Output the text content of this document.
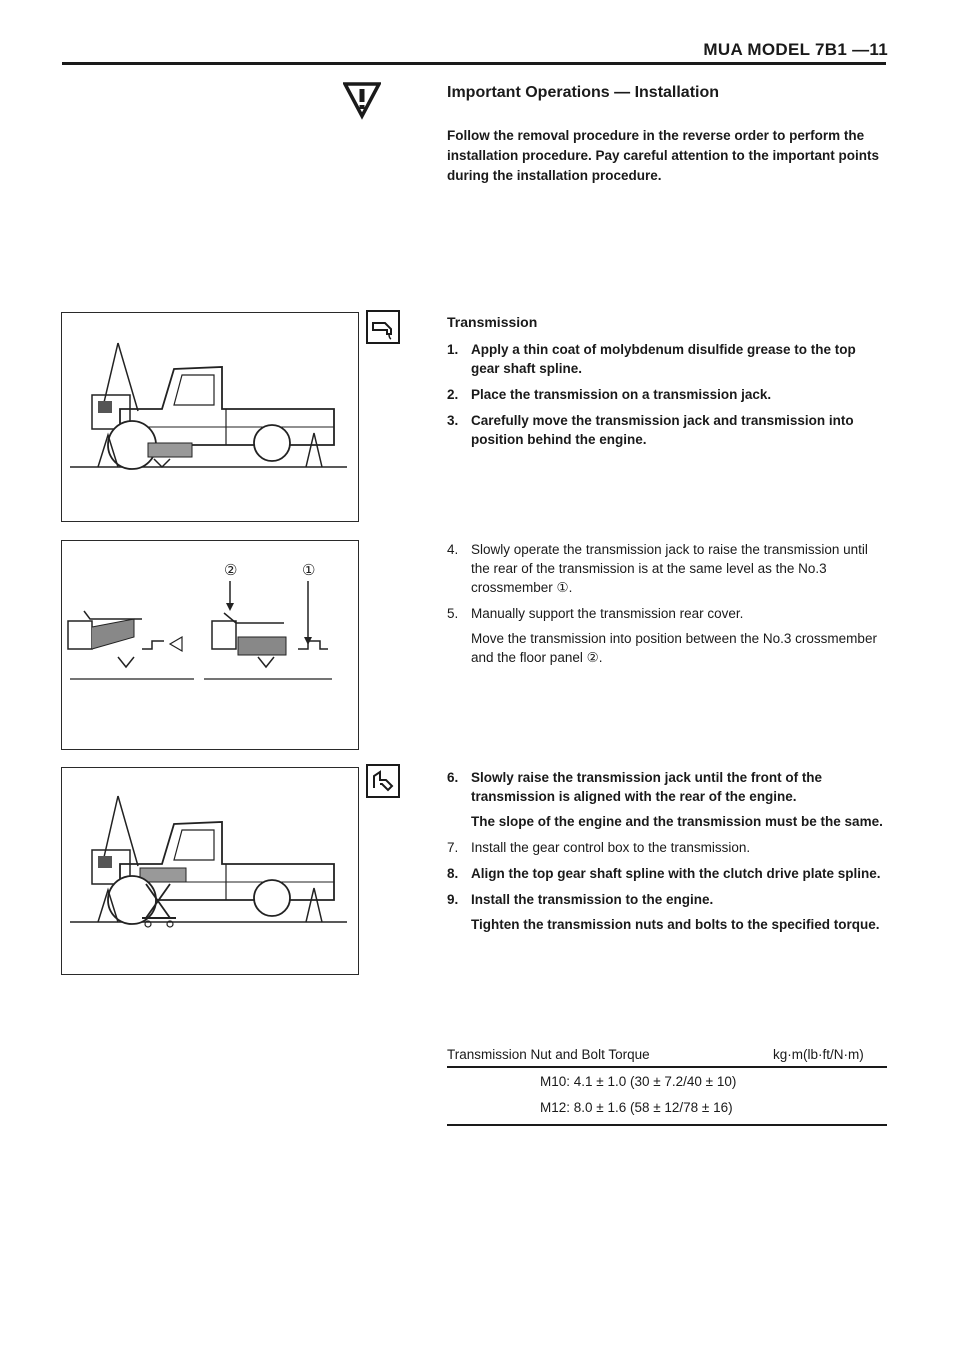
MUA MODEL 7B1 —11
Important Operations — Installation

Follow the removal procedure in the reverse order to perform the installation procedure. Pay careful attention to the important points during the installation procedure.

Transmission
1. Apply a thin coat of molybdenum disulfide grease to the top gear shaft spline.
2. Place the transmission on a transmission jack.
3. Carefully move the transmission jack and transmission into position behind the engine.
4. Slowly operate the transmission jack to raise the transmission until the rear of the transmission is at the same level as the No.3 crossmember ①.
5. Manually support the transmission rear cover.
Move the transmission into position between the No.3 crossmember and the floor panel ②.
6. Slowly raise the transmission jack until the front of the transmission is aligned with the rear of the engine.
The slope of the engine and the transmission must be the same.
7. Install the gear control box to the transmission.
8. Align the top gear shaft spline with the clutch drive plate spline.
9. Install the transmission to the engine.
Tighten the transmission nuts and bolts to the specified torque.
Transmission Nut and Bolt Torque	kg·m(lb·ft/N·m)
M10: 4.1 ± 1.0 (30 ± 7.2/40 ± 10)
M12: 8.0 ± 1.6 (58 ± 12/78 ± 16)
②	①
